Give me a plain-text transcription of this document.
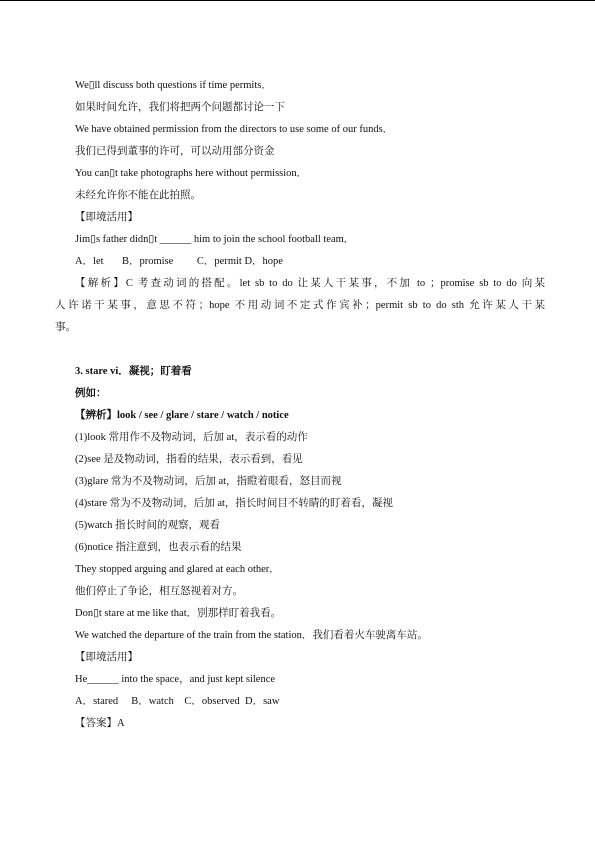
We▯ll discuss both questions if time permits．
如果时间允许，我们将把两个问题都讨论一下
We have obtained permission from the directors to use some of our funds．
我们已得到董事的许可，可以动用部分资金
You can▯t take photographs here without permission．
未经允许你不能在此拍照。
【即境活用】
Jim▯s father didn▯t ______ him to join the school football team．
A．let       B．promise         C．permit D．hope
【解析】C 考查动词的搭配。let sb to do 让某人干某事，不加 to ；promise sb to do 向某
人许诺干某事，意思不符；hope 不用动词不定式作宾补；permit sb to do sth 允许某人干某
事。
3. stare vi．凝视；盯着看
例如：
【辨析】look / see / glare / stare / watch / notice
(1)look 常用作不及物动词，后加 at，表示看的动作
(2)see 是及物动词，指看的结果，表示看到，看见
(3)glare 常为不及物动词，后加 at，指瞪着眼看，怒目而视
(4)stare 常为不及物动词，后加 at，指长时间目不转睛的盯着看，凝视
(5)watch 指长时间的观察，观看
(6)notice 指注意到，也表示看的结果
They stopped arguing and glared at each other．
他们停止了争论，相互怒视着对方。
Don▯t stare at me like that．别那样盯着我看。
We watched the departure of the train from the station．我们看着火车驶离车站。
【即境活用】
He______ into the space，and just kept silence
A．stared     B．watch    C．observed  D．saw
【答案】A
